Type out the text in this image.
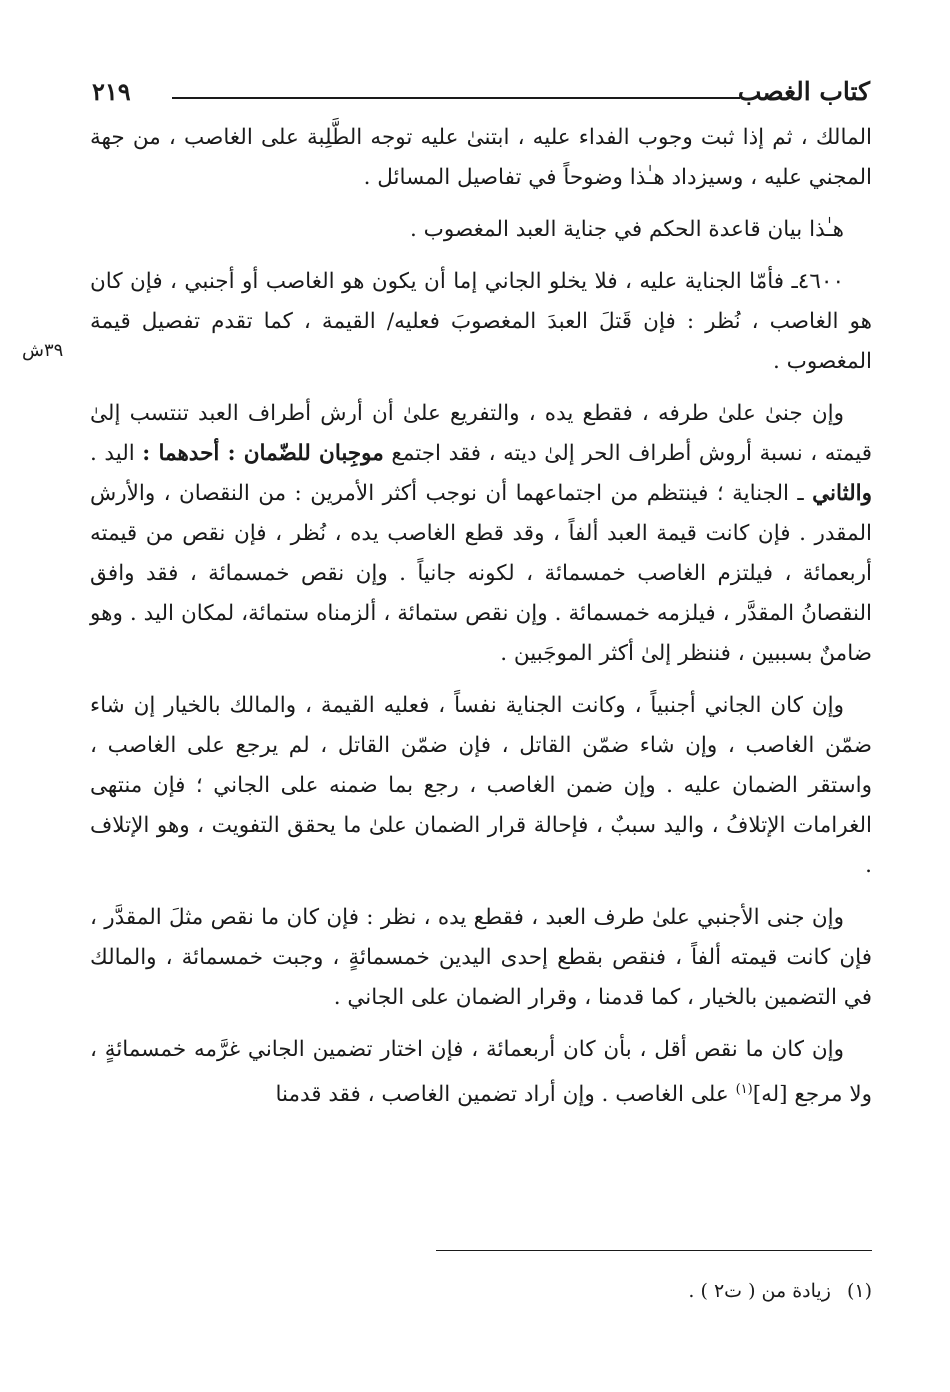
كتاب الغصب
٢١٩
٣٩ش

المالك ، ثم إذا ثبت وجوب الفداء عليه ، ابتنىٰ عليه توجه الطَّلِبة على الغاصب ، من جهة المجني عليه ، وسيزداد هـٰذا وضوحاً في تفاصيل المسائل .

هـٰذا بيان قاعدة الحكم في جناية العبد المغصوب .

٤٦٠٠ـ فأمّا الجناية عليه ، فلا يخلو الجاني إما أن يكون هو الغاصب أو أجنبي ، فإن كان هو الغاصب ، نُظر : فإن قَتلَ العبدَ المغصوبَ فعليه/ القيمة ، كما تقدم تفصيل قيمة المغصوب .

وإن جنىٰ علىٰ طرفه ، فقطع يده ، والتفريع علىٰ أن أرش أطراف العبد تنتسب إلىٰ قيمته ، نسبة أروش أطراف الحر إلىٰ ديته ، فقد اجتمع موجِبان للضّمان : أحدهما : اليد . والثاني ـ الجناية ؛ فينتظم من اجتماعهما أن نوجب أكثر الأمرين : من النقصان ، والأرش المقدر . فإن كانت قيمة العبد ألفاً ، وقد قطع الغاصب يده ، نُظر ، فإن نقص من قيمته أربعمائة ، فيلتزم الغاصب خمسمائة ، لكونه جانياً . وإن نقص خمسمائة ، فقد وافق النقصانُ المقدَّر ، فيلزمه خمسمائة . وإن نقص ستمائة ، ألزمناه ستمائة، لمكان اليد . وهو ضامنٌ بسببين ، فننظر إلىٰ أكثر الموجَبين .

وإن كان الجاني أجنبياً ، وكانت الجناية نفساً ، فعليه القيمة ، والمالك بالخيار إن شاء ضمّن الغاصب ، وإن شاء ضمّن القاتل ، فإن ضمّن القاتل ، لم يرجع على الغاصب ، واستقر الضمان عليه . وإن ضمن الغاصب ، رجع بما ضمنه على الجاني ؛ فإن منتهى الغرامات الإتلافُ ، واليد سببٌ ، فإحالة قرار الضمان علىٰ ما يحقق التفويت ، وهو الإتلاف .

وإن جنى الأجنبي علىٰ طرف العبد ، فقطع يده ، نظر : فإن كان ما نقص مثلَ المقدَّر ، فإن كانت قيمته ألفاً ، فنقص بقطع إحدى اليدين خمسمائةٍ ، وجبت خمسمائة ، والمالك في التضمين بالخيار ، كما قدمنا ، وقرار الضمان على الجاني .

وإن كان ما نقص أقل ، بأن كان أربعمائة ، فإن اختار تضمين الجاني غرَّمه خمسمائةٍ ، ولا مرجع [له]$^{(١)}$ على الغاصب . وإن أراد تضمين الغاصب ، فقد قدمنا

(١) زيادة من ( ت٢ ) .
